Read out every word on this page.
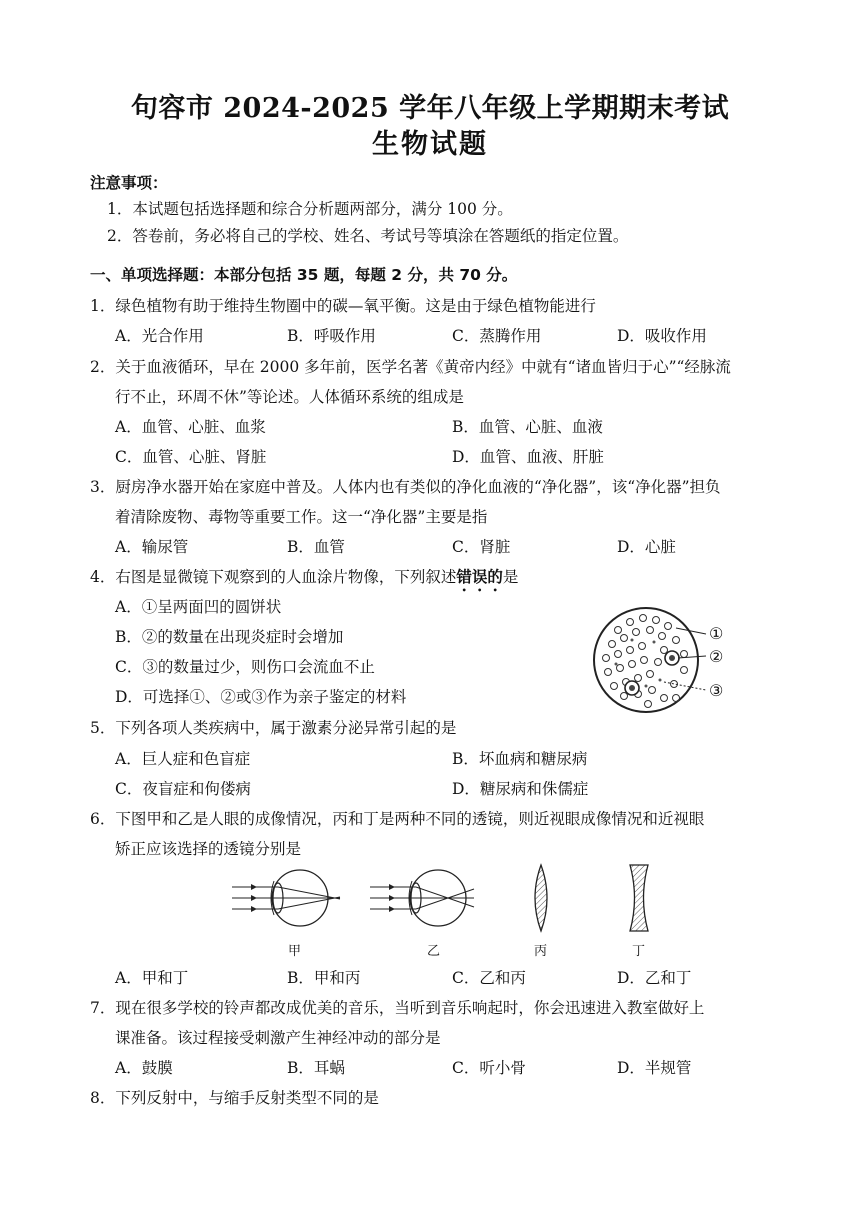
句容市 2024-2025 学年八年级上学期期末考试
生物试题
注意事项：
1．本试题包括选择题和综合分析题两部分，满分 100 分。
2．答卷前，务必将自己的学校、姓名、考试号等填涂在答题纸的指定位置。
一、单项选择题：本部分包括 35 题，每题 2 分，共 70 分。
1．绿色植物有助于维持生物圈中的碳—氧平衡。这是由于绿色植物能进行
A．光合作用	B．呼吸作用	C．蒸腾作用	D．吸收作用
2．关于血液循环，早在 2000 多年前，医学名著《黄帝内经》中就有“诸血皆归于心”“经脉流
行不止，环周不休”等论述。人体循环系统的组成是
A．血管、心脏、血浆	B．血管、心脏、血液
C．血管、心脏、肾脏	D．血管、血液、肝脏
3．厨房净水器开始在家庭中普及。人体内也有类似的净化血液的“净化器”，该“净化器”担负
着清除废物、毒物等重要工作。这一“净化器”主要是指
A．输尿管	B．血管	C．肾脏	D．心脏
4．右图是显微镜下观察到的人血涂片物像，下列叙述错误的是
A．①呈两面凹的圆饼状
B．②的数量在出现炎症时会增加
C．③的数量过少，则伤口会流血不止
D．可选择①、②或③作为亲子鉴定的材料
①
②
③
5．下列各项人类疾病中，属于激素分泌异常引起的是
A．巨人症和色盲症	B．坏血病和糖尿病
C．夜盲症和佝偻病	D．糖尿病和侏儒症
6．下图甲和乙是人眼的成像情况，丙和丁是两种不同的透镜，则近视眼成像情况和近视眼
矫正应该选择的透镜分别是
甲	乙	丙	丁
A．甲和丁	B．甲和丙	C．乙和丙	D．乙和丁
7．现在很多学校的铃声都改成优美的音乐，当听到音乐响起时，你会迅速进入教室做好上
课准备。该过程接受刺激产生神经冲动的部分是
A．鼓膜	B．耳蜗	C．听小骨	D．半规管
8．下列反射中，与缩手反射类型不同的是
